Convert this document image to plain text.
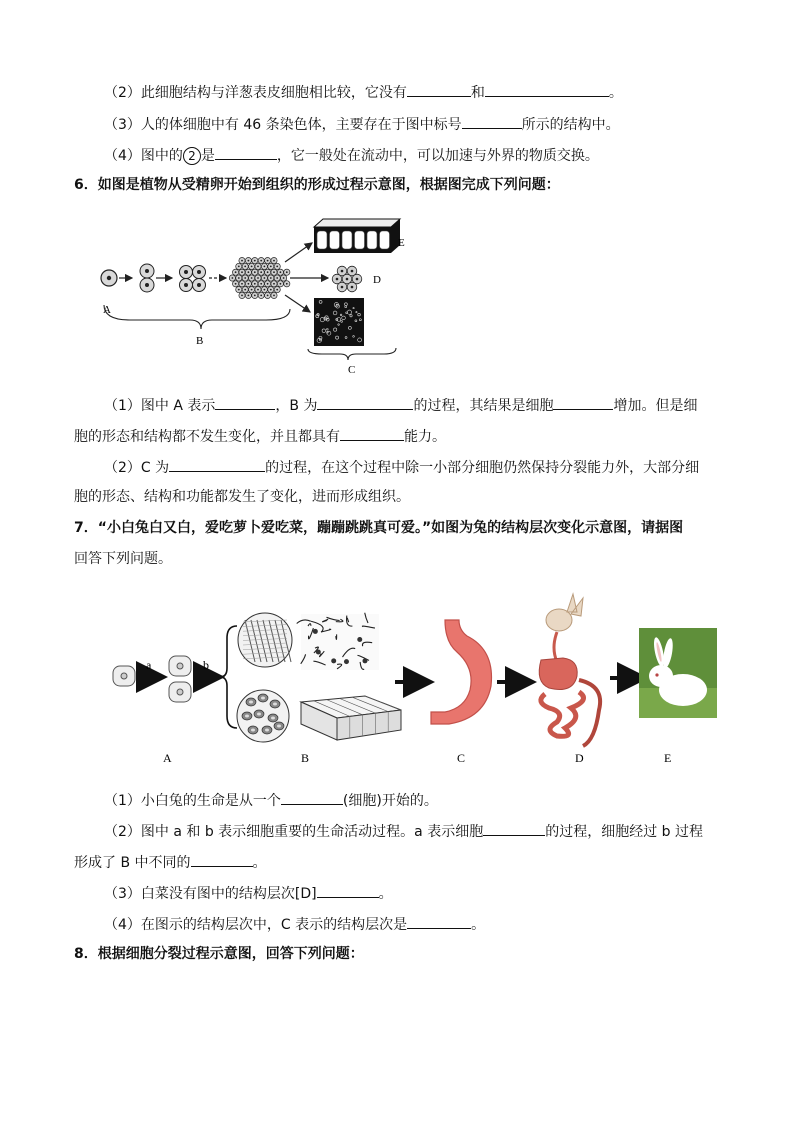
（2）此细胞结构与洋葱表皮细胞相比较，它没有	和	。
（3）人的体细胞中有 46 条染色体，主要存在于图中标号	所示的结构中。
（4）图中的 2 是	，它一般处在流动中，可以加速与外界的物质交换。
6．如图是植物从受精卵开始到组织的形成过程示意图，根据图完成下列问题：
E
D
A
B
C
（1）图中 A 表示	，B 为	的过程，其结果是细胞	增加。但是细
胞的形态和结构都不发生变化，并且都具有	能力。
（2）C 为	的过程，在这个过程中除一小部分细胞仍然保持分裂能力外，大部分细
胞的形态、结构和功能都发生了变化，进而形成组织。
7．“小白兔白又白，爱吃萝卜爱吃菜，蹦蹦跳跳真可爱。”如图为兔的结构层次变化示意图，请据图
回答下列问题。
a	b
A	B	C	D	E
（1）小白兔的生命是从一个	(细胞)开始的。
（2）图中 a 和 b 表示细胞重要的生命活动过程。a 表示细胞	的过程，细胞经过 b 过程
形成了 B 中不同的	。
（3）白菜没有图中的结构层次[D]	。
（4）在图示的结构层次中，C 表示的结构层次是	。
8．根据细胞分裂过程示意图，回答下列问题：
